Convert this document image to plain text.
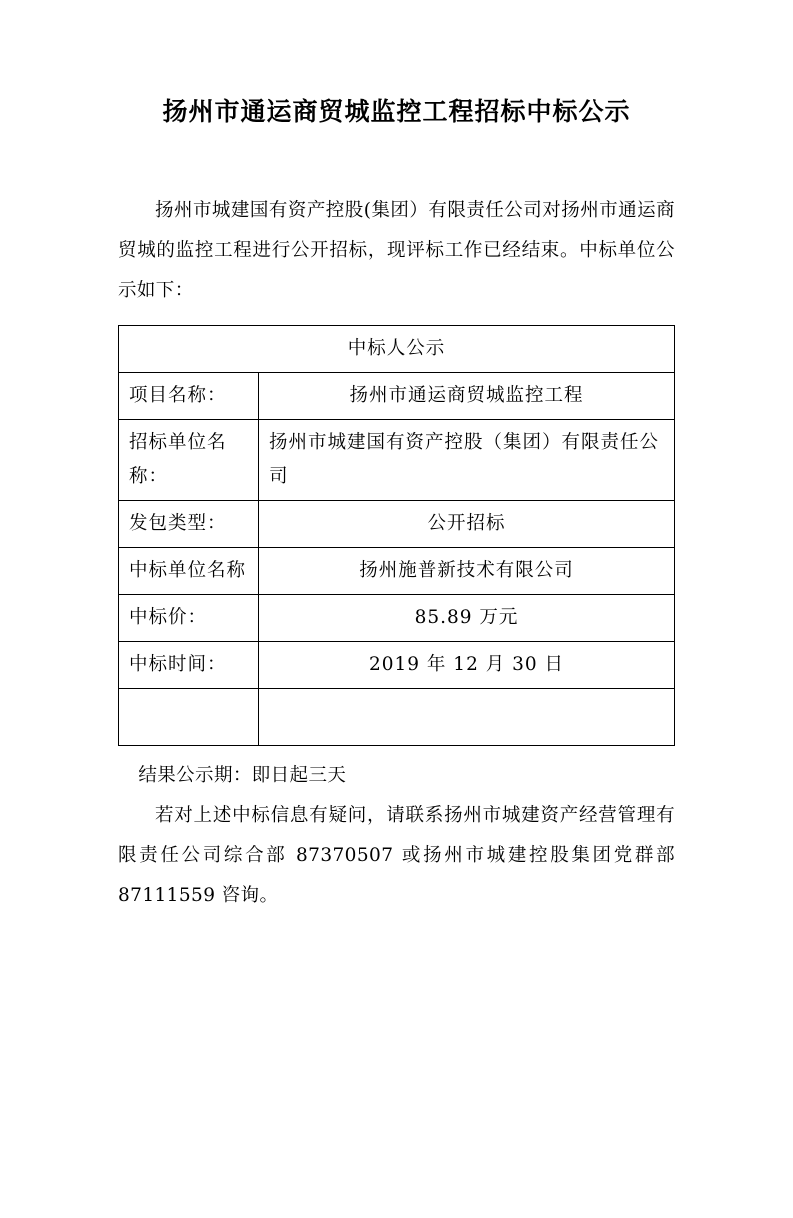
扬州市通运商贸城监控工程招标中标公示

扬州市城建国有资产控股(集团）有限责任公司对扬州市通运商贸城的监控工程进行公开招标，现评标工作已经结束。中标单位公示如下：

中标人公示	
项目名称：	扬州市通运商贸城监控工程
招标单位名称：	扬州市城建国有资产控股（集团）有限责任公司
发包类型：	公开招标
中标单位名称	扬州施普新技术有限公司
中标价：	85.89 万元
中标时间：	2019 年 12 月 30 日

结果公示期：即日起三天

若对上述中标信息有疑问，请联系扬州市城建资产经营管理有限责任公司综合部 87370507 或扬州市城建控股集团党群部 87111559 咨询。
